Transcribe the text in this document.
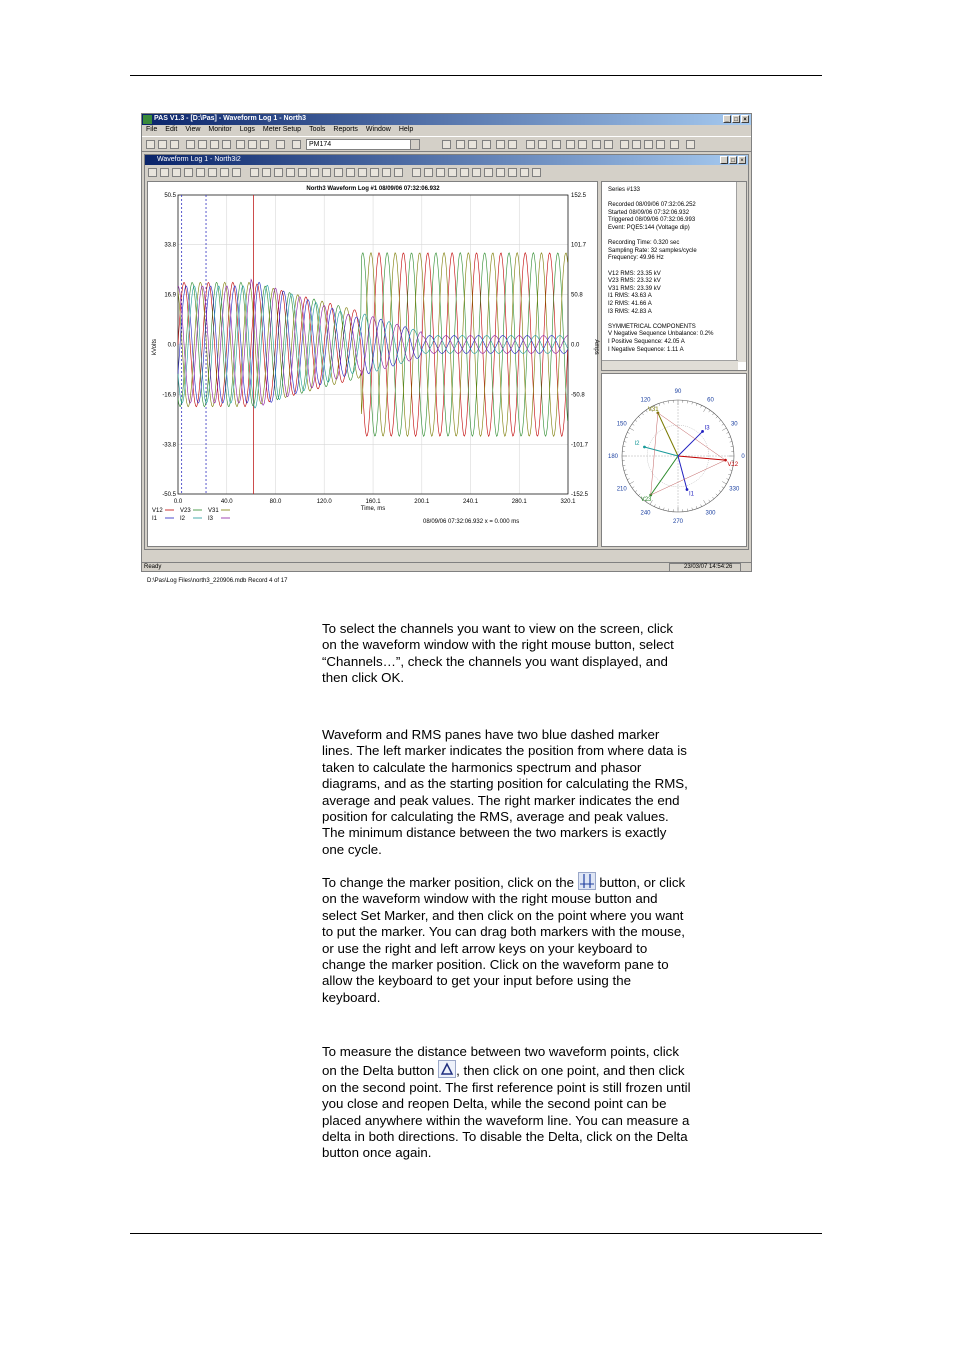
PAS V1.3 - [D:\Pas] - Waveform Log 1 - North3	_ □ ×
File	Edit	View	Monitor	Logs	Meter Setup	Tools	Reports	Window	Help
PM174
Waveform Log 1 - North3i2	_ □ ×
North3 Waveform Log #1 08/09/06 07:32:06.932
0.0	40.0	80.0	120.0	160.1	200.1	240.1	280.1	320.1
50.5	152.5
33.8	101.7
16.9	50.8
0.0	0.0
-16.9	-50.8
-33.8	-101.7
-50.5	-152.5
Time, ms
kVolts	Amps
V12	V23	V31
I1	I2	I3	08/09/06 07:32:06.932 x = 0.000 ms
Series #133
Recorded 08/09/06 07:32:06.252
Started 08/09/06 07:32:06.932
Triggered 08/09/06 07:32:06.993
Event: PQE5:144 (Voltage dip)
Recording Time: 0.320 sec
Sampling Rate: 32 samples/cycle
Frequency: 49.96 Hz
V12 RMS: 23.35 kV
V23 RMS: 23.32 kV
V31 RMS: 23.39 kV
I1 RMS: 43.63 A
I2 RMS: 41.66 A
I3 RMS: 42.83 A
SYMMETRICAL COMPONENTS
V Negative Sequence Unbalance: 0.2%
I Positive Sequence: 42.05 A
I Negative Sequence: 1.11 A
90
60
30
0
330
300
270
240
210
180
150
120
V12
V23
V31
I1
I2
I3
D:\Pas\Log Files\north3_220906.mdb Record 4 of 17
Ready	23/03/07 14:54:26
To select the channels you want to view on the screen, click
on the waveform window with the right mouse button, select
“Channels…”, check the channels you want displayed, and
then click OK.
Waveform and RMS panes have two blue dashed marker
lines. The left marker indicates the position from where data is
taken to calculate the harmonics spectrum and phasor
diagrams, and as the starting position for calculating the RMS,
average and peak values. The right marker indicates the end
position for calculating the RMS, average and peak values.
The minimum distance between the two markers is exactly
one cycle.
To change the marker position, click on the
button, or click
on the waveform window with the right mouse button and
select Set Marker, and then click on the point where you want
to put the marker. You can drag both markers with the mouse,
or use the right and left arrow keys on your keyboard to
change the marker position. Click on the waveform pane to
allow the keyboard to get your input before using the
keyboard.
To measure the distance between two waveform points, click
on the Delta button
, then click on one point, and then click
on the second point. The first reference point is still frozen until
you close and reopen Delta, while the second point can be
placed anywhere within the waveform line. You can measure a
delta in both directions. To disable the Delta, click on the Delta
button once again.
